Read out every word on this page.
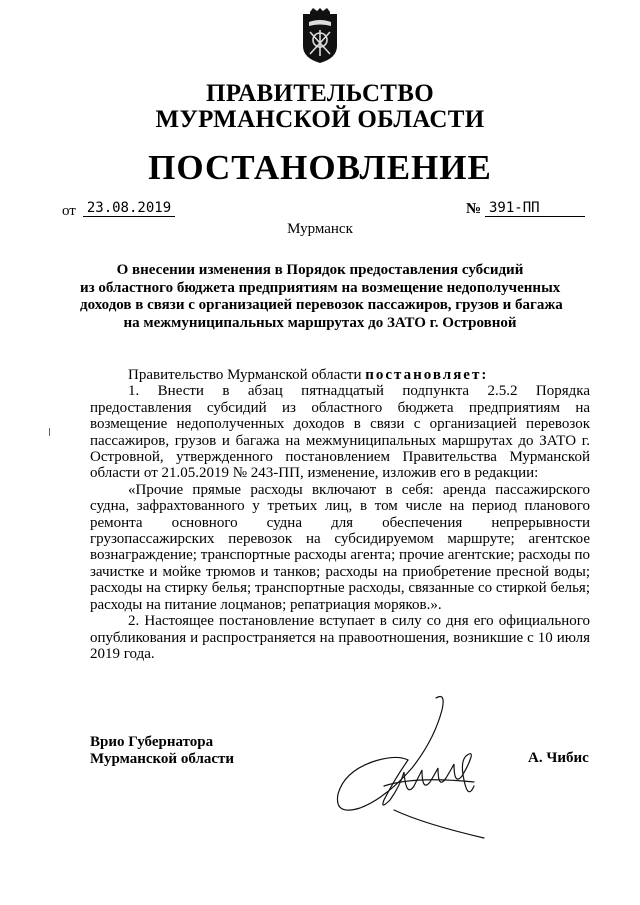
ПРАВИТЕЛЬСТВО
МУРМАНСКОЙ ОБЛАСТИ
ПОСТАНОВЛЕНИЕ
от 23.08.2019	№ 391-ПП
Мурманск
О внесении изменения в Порядок предоставления субсидий
из областного бюджета предприятиям на возмещение недополученных
доходов в связи с организацией перевозок пассажиров, грузов и багажа
на межмуниципальных маршрутах до ЗАТО г. Островной

Правительство Мурманской области постановляет:

1. Внести в абзац пятнадцатый подпункта 2.5.2 Порядка предоставления субсидий из областного бюджета предприятиям на возмещение недополученных доходов в связи с организацией перевозок пассажиров, грузов и багажа на межмуниципальных маршрутах до ЗАТО г. Островной, утвержденного постановлением Правительства Мурманской области от 21.05.2019 № 243-ПП, изменение, изложив его в редакции:

«Прочие прямые расходы включают в себя: аренда пассажирского судна, зафрахтованного у третьих лиц, в том числе на период планового ремонта основного судна для обеспечения непрерывности грузопассажирских перевозок на субсидируемом маршруте; агентское вознаграждение; транспортные расходы агента; прочие агентские; расходы по зачистке и мойке трюмов и танков; расходы на приобретение пресной воды; расходы на стирку белья; транспортные расходы, связанные со стиркой белья; расходы на питание лоцманов; репатриация моряков.».

2. Настоящее постановление вступает в силу со дня его официального опубликования и распространяется на правоотношения, возникшие с 10 июля 2019 года.

Врио Губернатора
Мурманской области	А. Чибис
